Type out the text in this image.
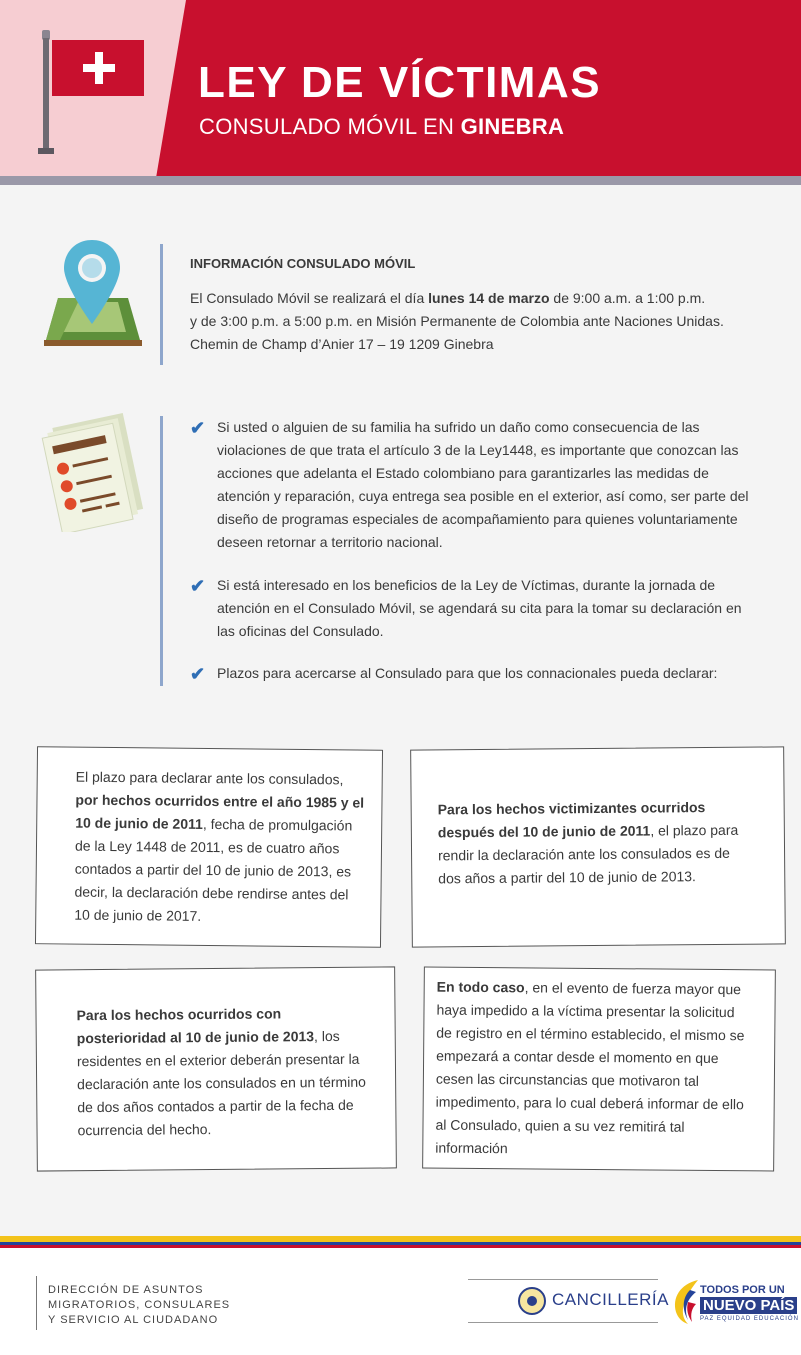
LEY DE VÍCTIMAS
CONSULADO MÓVIL EN GINEBRA
INFORMACIÓN CONSULADO MÓVIL
El Consulado Móvil se realizará el día lunes 14 de marzo de 9:00 a.m. a 1:00 p.m.
y de 3:00 p.m. a 5:00 p.m. en Misión Permanente de Colombia ante Naciones Unidas.
Chemin de Champ d’Anier 17 – 19 1209 Ginebra
✔ Si usted o alguien de su familia ha sufrido un daño como consecuencia de las violaciones de que trata el artículo 3 de la Ley1448, es importante que conozcan las acciones que adelanta el Estado colombiano para garantizarles las medidas de atención y reparación, cuya entrega sea posible en el exterior, así como, ser parte del diseño de programas especiales de acompañamiento para quienes voluntariamente deseen retornar a territorio nacional.
✔ Si está interesado en los beneficios de la Ley de Víctimas, durante la jornada de atención en el Consulado Móvil, se agendará su cita para la tomar su declaración en las oficinas del Consulado.
✔ Plazos para acercarse al Consulado para que los connacionales pueda declarar:
El plazo para declarar ante los consulados, por hechos ocurridos entre el año 1985 y el 10 de junio de 2011, fecha de promulgación de la Ley 1448 de 2011, es de cuatro años contados a partir del 10 de junio de 2013, es decir, la declaración debe rendirse antes del 10 de junio de 2017.
Para los hechos victimizantes ocurridos después del 10 de junio de 2011, el plazo para rendir la declaración ante los consulados es de dos años a partir del 10 de junio de 2013.
Para los hechos ocurridos con posterioridad al 10 de junio de 2013, los residentes en el exterior deberán presentar la declaración ante los consulados en un término de dos años contados a partir de la fecha de ocurrencia del hecho.
En todo caso, en el evento de fuerza mayor que haya impedido a la víctima presentar la solicitud de registro en el término establecido, el mismo se empezará a contar desde el momento en que cesen las circunstancias que motivaron tal impedimento, para lo cual deberá informar de ello al Consulado, quien a su vez remitirá tal información
DIRECCIÓN DE ASUNTOS
MIGRATORIOS, CONSULARES
Y SERVICIO AL CIUDADANO
CANCILLERÍA	TODOS POR UN
NUEVO PAÍS
PAZ EQUIDAD EDUCACIÓN
